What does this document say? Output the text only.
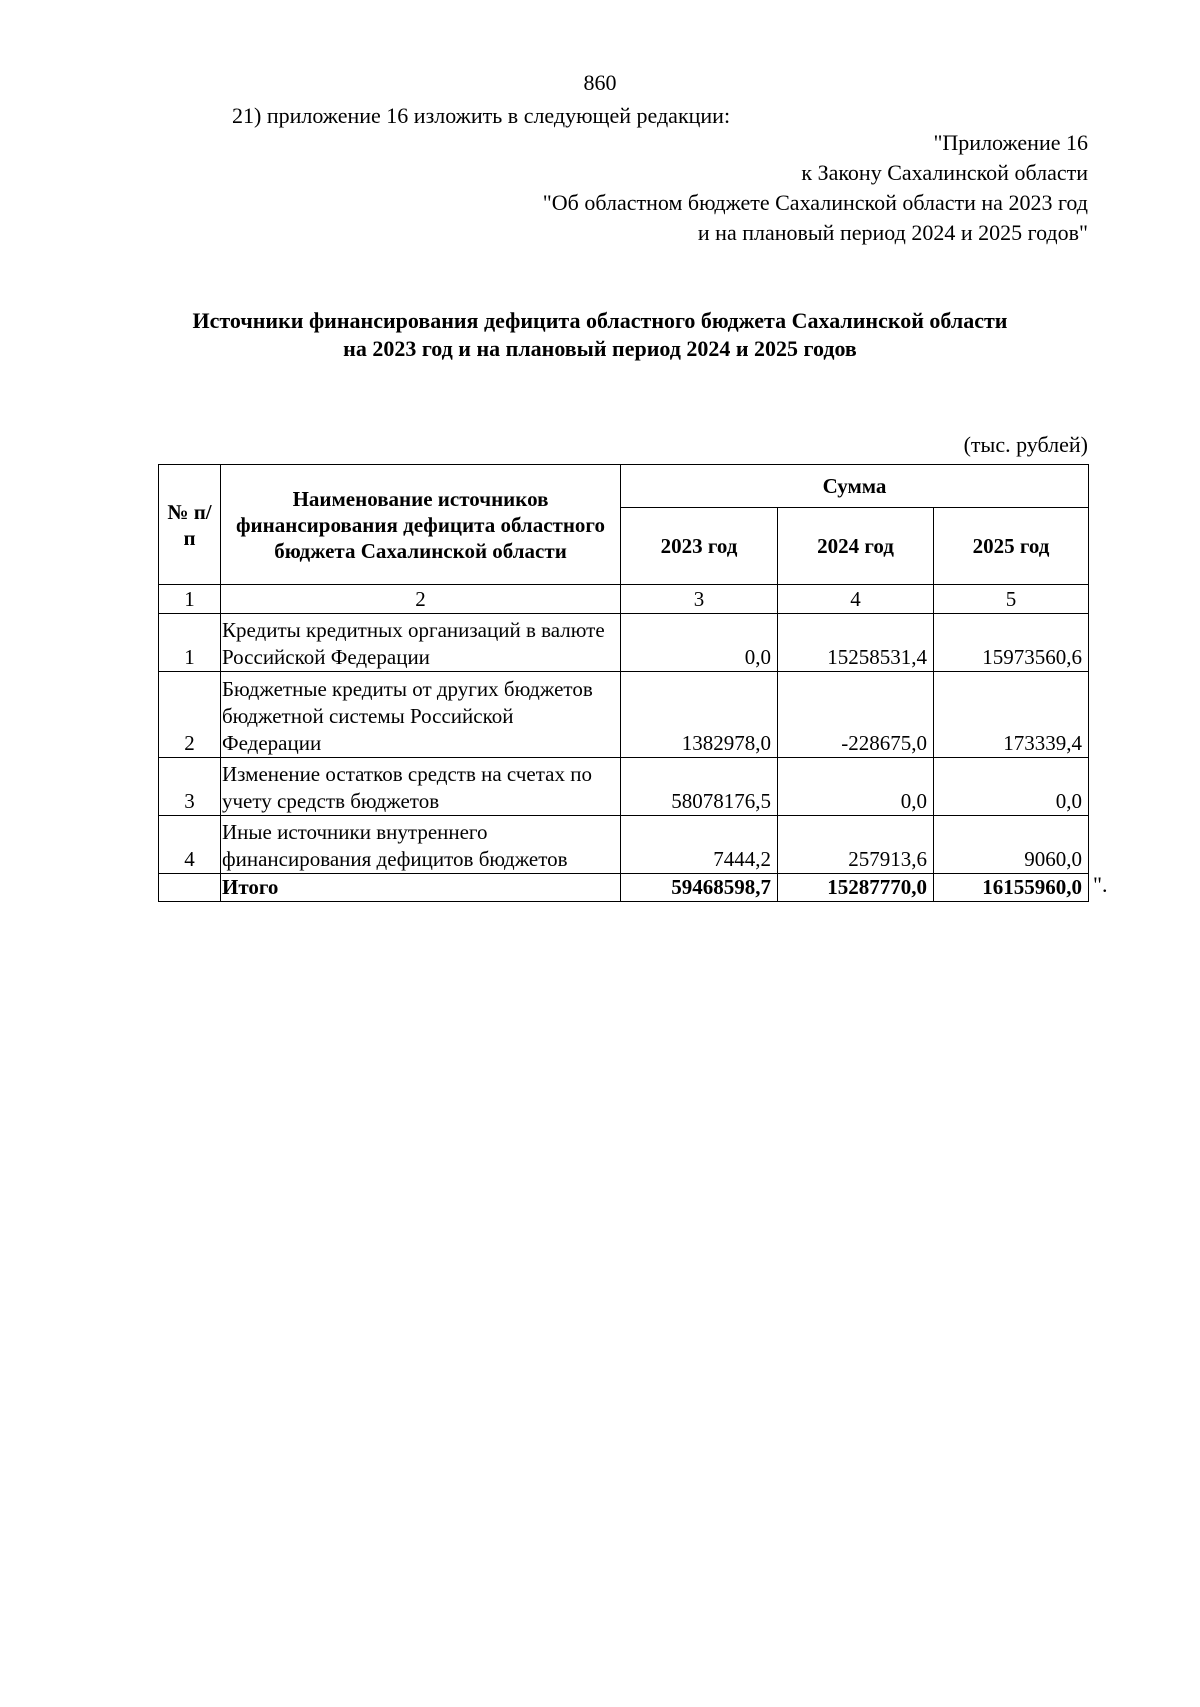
860
21) приложение 16 изложить в следующей редакции:
"Приложение 16
к Закону Сахалинской области
"Об областном бюджете Сахалинской области на 2023 год
и на плановый период 2024 и 2025 годов"
Источники финансирования дефицита областного бюджета Сахалинской области
на 2023 год и на плановый период 2024 и 2025 годов
(тыс. рублей)
№ п/п	Наименование источников финансирования дефицита областного бюджета Сахалинской области	Сумма		
		2023 год	2024 год	2025 год
1	2	3	4	5
1	Кредиты кредитных организаций в валюте Российской Федерации	0,0	15258531,4	15973560,6
2	Бюджетные кредиты от других бюджетов бюджетной системы Российской Федерации	1382978,0	-228675,0	173339,4
3	Изменение остатков средств на счетах по учету средств бюджетов	58078176,5	0,0	0,0
4	Иные источники внутреннего финансирования дефицитов бюджетов	7444,2	257913,6	9060,0
	Итого	59468598,7	15287770,0	16155960,0 ".
